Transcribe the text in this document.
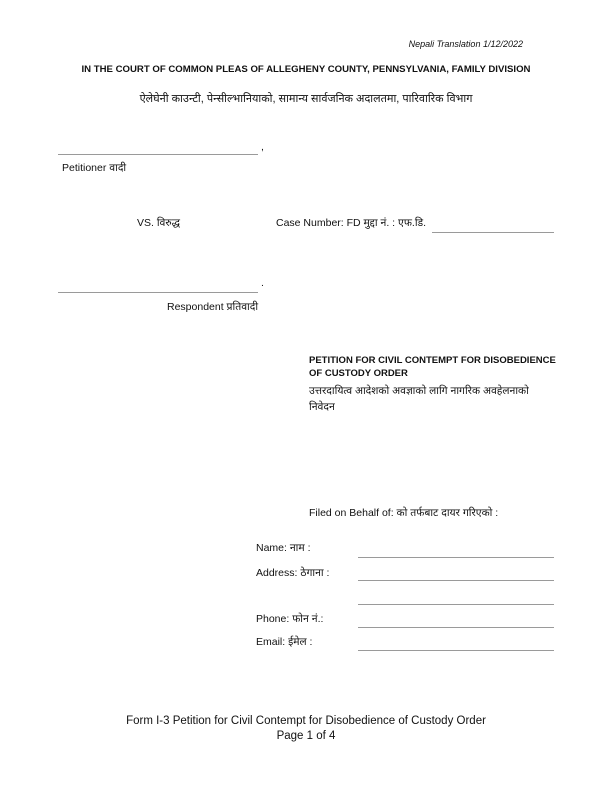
Nepali Translation 1/12/2022
IN THE COURT OF COMMON PLEAS OF ALLEGHENY COUNTY, PENNSYLVANIA, FAMILY DIVISION
ऐलेघेनी काउन्टी, पेन्सील्भानियाको, सामान्य सार्वजनिक अदालतमा, पारिवारिक विभाग
,
Petitioner वादी
VS. विरुद्ध	Case Number: FD मुद्दा नं. : एफ.डि.
.
Respondent प्रतिवादी
PETITION FOR CIVIL CONTEMPT FOR DISOBEDIENCE
OF CUSTODY ORDER
उत्तरदायित्व आदेशको अवज्ञाको लागि नागरिक अवहेलनाको
निवेदन
Filed on Behalf of: को तर्फबाट दायर गरिएको :
Name: नाम :
Address: ठेगाना :
Phone: फोन नं.:
Email: ईमेल :
Form I-3 Petition for Civil Contempt for Disobedience of Custody Order
Page 1 of 4
